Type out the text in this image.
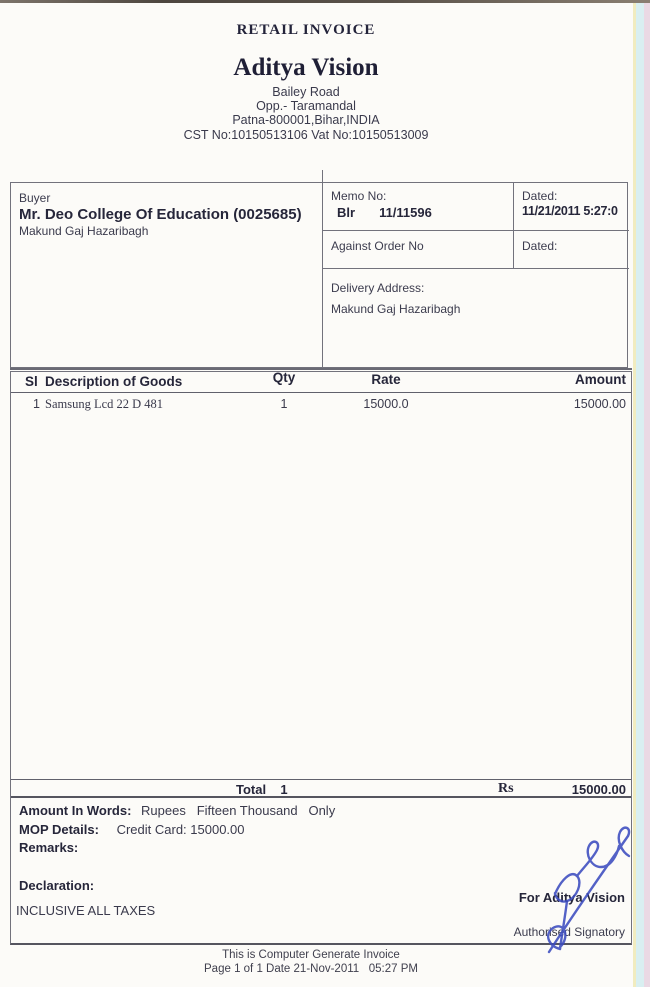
RETAIL INVOICE
Aditya Vision
Bailey Road
Opp.- Taramandal
Patna-800001,Bihar,INDIA
CST No:10150513106 Vat No:10150513009
Buyer
Mr. Deo College Of Education (0025685)
Makund Gaj Hazaribagh
Memo No:
Blr 11/11596
Dated:
11/21/2011 5:27:0
Against Order No	Dated:
Delivery Address:
Makund Gaj Hazaribagh
Sl Description of Goods	Qty	Rate	Amount
1 Samsung Lcd 22 D 481	1	15000.0	15000.00
Total	1	Rs	15000.00
Amount In Words: Rupees   Fifteen Thousand   Only
MOP Details: Credit Card: 15000.00
Remarks:
Declaration:
INCLUSIVE ALL TAXES
For Aditya Vision
Authorised Signatory
This is Computer Generate Invoice
Page 1 of 1 Date 21-Nov-2011   05:27 PM
